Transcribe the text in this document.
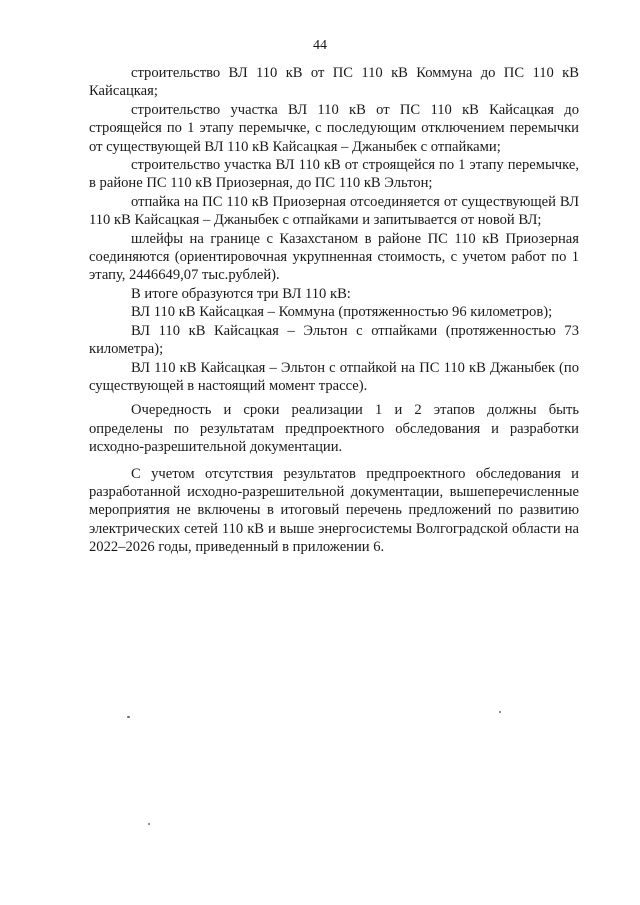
44

строительство ВЛ 110 кВ от ПС 110 кВ Коммуна до ПС 110 кВ Кайсацкая;

строительство участка ВЛ 110 кВ от ПС 110 кВ Кайсацкая до строящейся по 1 этапу перемычке, с последующим отключением перемычки от существующей ВЛ 110 кВ Кайсацкая – Джаныбек с отпайками;

строительство участка ВЛ 110 кВ от строящейся по 1 этапу перемычке, в районе ПС 110 кВ Приозерная, до ПС 110 кВ Эльтон;

отпайка на ПС 110 кВ Приозерная отсоединяется от существующей ВЛ 110 кВ Кайсацкая – Джаныбек с отпайками и запитывается от новой ВЛ;

шлейфы на границе с Казахстаном в районе ПС 110 кВ Приозерная соединяются (ориентировочная укрупненная стоимость, с учетом работ по 1 этапу, 2446649,07 тыс.рублей).

В итоге образуются три ВЛ 110 кВ:

ВЛ 110 кВ Кайсацкая – Коммуна (протяженностью 96 километров);

ВЛ 110 кВ Кайсацкая – Эльтон с отпайками (протяженностью 73 километра);

ВЛ 110 кВ Кайсацкая – Эльтон с отпайкой на ПС 110 кВ Джаныбек (по существующей в настоящий момент трассе).

Очередность и сроки реализации 1 и 2 этапов должны быть определены по результатам предпроектного обследования и разработки исходно-разрешительной документации.

С учетом отсутствия результатов предпроектного обследования и разработанной исходно-разрешительной документации, вышеперечисленные мероприятия не включены в итоговый перечень предложений по развитию электрических сетей 110 кВ и выше энергосистемы Волгоградской области на 2022–2026 годы, приведенный в приложении 6.
